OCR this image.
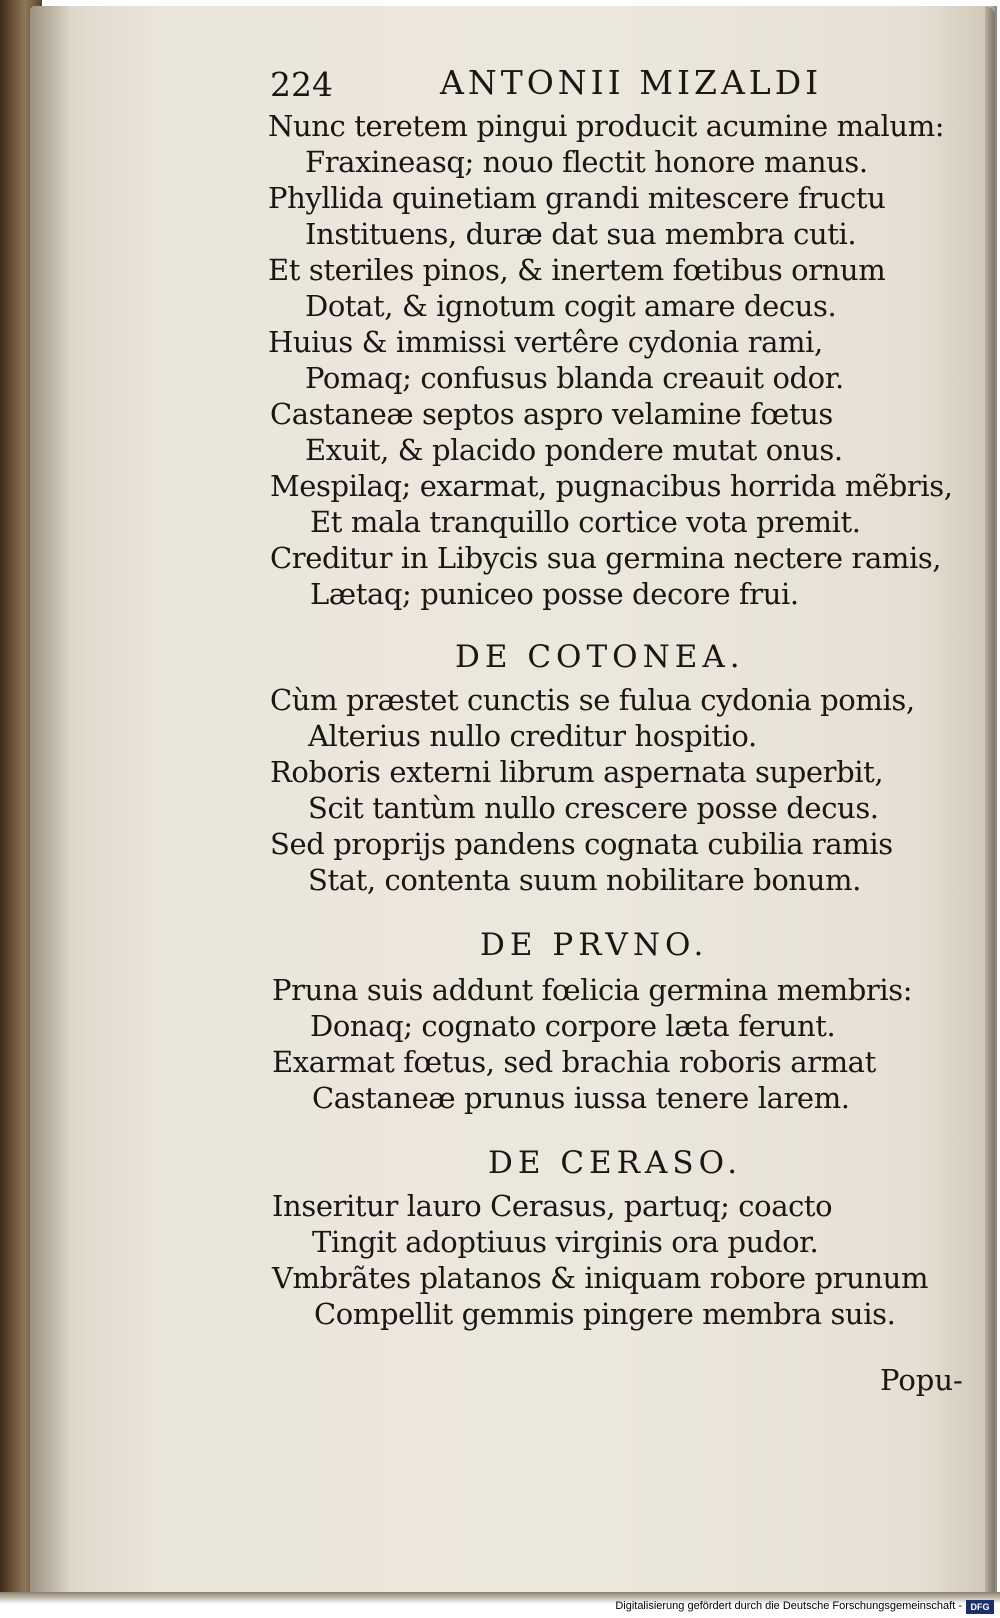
224	ANTONII MIZALDI

Nunc teretem pingui producit acumine malum:

Fraxineasq; nouo flectit honore manus.

Phyllida quinetiam grandi mitescere fructu

Instituens, duræ dat sua membra cuti.

Et steriles pinos, & inertem fœtibus ornum

Dotat, & ignotum cogit amare decus.

Huius & immissi vertêre cydonia rami,

Pomaq; confusus blanda creauit odor.

Castaneæ septos aspro velamine fœtus

Exuit, & placido pondere mutat onus.

Mespilaq; exarmat, pugnacibus horrida mẽbris,

Et mala tranquillo cortice vota premit.

Creditur in Libycis sua germina nectere ramis,

Lætaq; puniceo posse decore frui.

DE COTONEA.

Cùm præstet cunctis se fulua cydonia pomis,

Alterius nullo creditur hospitio.

Roboris externi librum aspernata superbit,

Scit tantùm nullo crescere posse decus.

Sed proprijs pandens cognata cubilia ramis

Stat, contenta suum nobilitare bonum.

DE PRVNO.

Pruna suis addunt fœlicia germina membris:

Donaq; cognato corpore læta ferunt.

Exarmat fœtus, sed brachia roboris armat

Castaneæ prunus iussa tenere larem.

DE CERASO.

Inseritur lauro Cerasus, partuq; coacto

Tingit adoptiuus virginis ora pudor.

Vmbrãtes platanos & iniquam robore prunum

Compellit gemmis pingere membra suis.

Popu-

Digitalisierung gefördert durch die Deutsche Forschungsgemeinschaft - DFG
